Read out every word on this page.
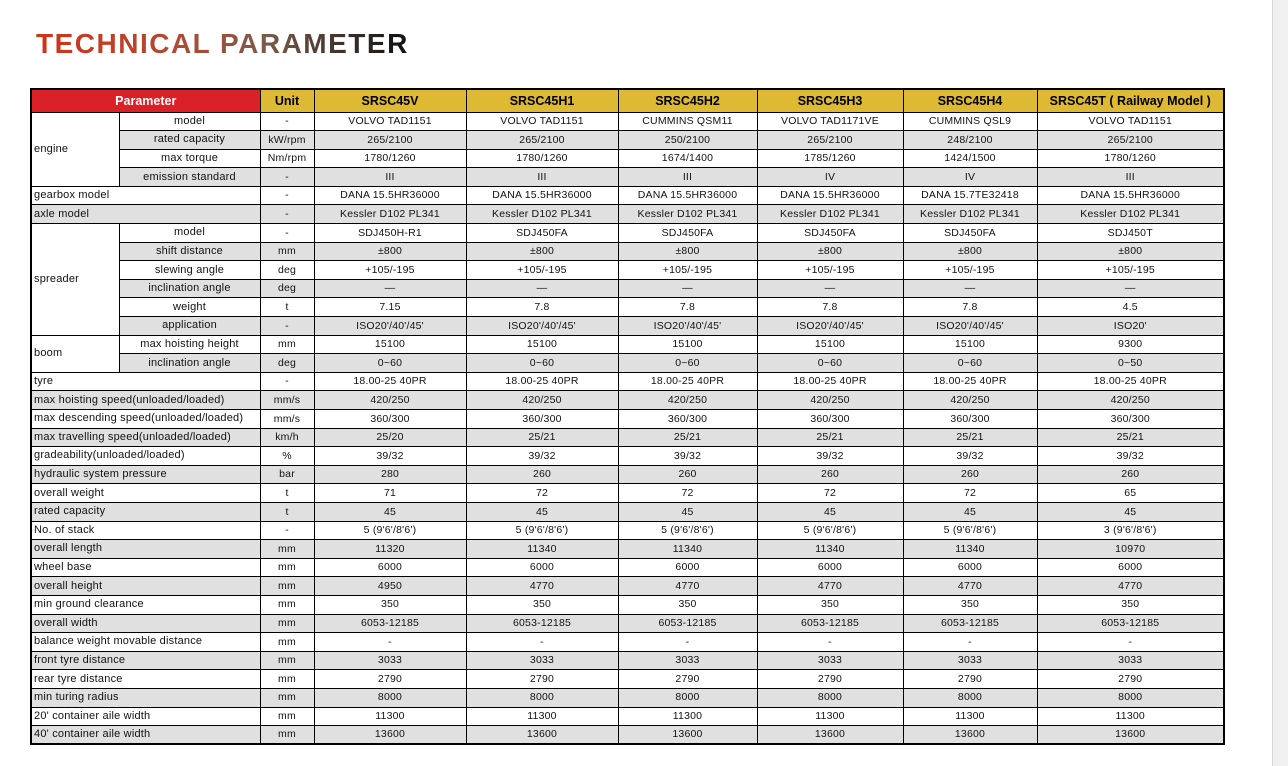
TECHNICAL PARAMETER
Parameter		Unit	SRSC45V	SRSC45H1	SRSC45H2	SRSC45H3	SRSC45H4	SRSC45T ( Railway Model )
engine	model	-	VOLVO TAD1151	VOLVO TAD1151	CUMMINS QSM11	VOLVO TAD1171VE	CUMMINS QSL9	VOLVO TAD1151
	rated capacity	kW/rpm	265/2100	265/2100	250/2100	265/2100	248/2100	265/2100
	max torque	Nm/rpm	1780/1260	1780/1260	1674/1400	1785/1260	1424/1500	1780/1260
	emission standard	-	III	III	III	IV	IV	III
gearbox model		-	DANA 15.5HR36000	DANA 15.5HR36000	DANA 15.5HR36000	DANA 15.5HR36000	DANA 15.7TE32418	DANA 15.5HR36000
axle model		-	Kessler D102 PL341	Kessler D102 PL341	Kessler D102 PL341	Kessler D102 PL341	Kessler D102 PL341	Kessler D102 PL341
spreader	model	-	SDJ450H-R1	SDJ450FA	SDJ450FA	SDJ450FA	SDJ450FA	SDJ450T
	shift distance	mm	±800	±800	±800	±800	±800	±800
	slewing angle	deg	+105/-195	+105/-195	+105/-195	+105/-195	+105/-195	+105/-195
	inclination angle	deg	—	—	—	—	—	—
	weight	t	7.15	7.8	7.8	7.8	7.8	4.5
	application	-	ISO20'/40'/45'	ISO20'/40'/45'	ISO20'/40'/45'	ISO20'/40'/45'	ISO20'/40'/45'	ISO20'
boom	max hoisting height	mm	15100	15100	15100	15100	15100	9300
	inclination angle	deg	0~60	0~60	0~60	0~60	0~60	0~50
tyre		-	18.00-25 40PR	18.00-25 40PR	18.00-25 40PR	18.00-25 40PR	18.00-25 40PR	18.00-25 40PR
max hoisting speed(unloaded/loaded)		mm/s	420/250	420/250	420/250	420/250	420/250	420/250
max descending speed(unloaded/loaded)		mm/s	360/300	360/300	360/300	360/300	360/300	360/300
max travelling speed(unloaded/loaded)		km/h	25/20	25/21	25/21	25/21	25/21	25/21
gradeability(unloaded/loaded)		%	39/32	39/32	39/32	39/32	39/32	39/32
hydraulic system pressure		bar	280	260	260	260	260	260
overall weight		t	71	72	72	72	72	65
rated capacity		t	45	45	45	45	45	45
No. of stack		-	5 (9'6'/8'6')	5 (9'6'/8'6')	5 (9'6'/8'6')	5 (9'6'/8'6')	5 (9'6'/8'6')	3 (9'6'/8'6')
overall length		mm	11320	11340	11340	11340	11340	10970
wheel base		mm	6000	6000	6000	6000	6000	6000
overall height		mm	4950	4770	4770	4770	4770	4770
min ground clearance		mm	350	350	350	350	350	350
overall width		mm	6053-12185	6053-12185	6053-12185	6053-12185	6053-12185	6053-12185
balance weight movable distance		mm	-	-	-	-	-	-
front tyre distance		mm	3033	3033	3033	3033	3033	3033
rear tyre distance		mm	2790	2790	2790	2790	2790	2790
min turing radius		mm	8000	8000	8000	8000	8000	8000
20' container aile width		mm	11300	11300	11300	11300	11300	11300
40' container aile width		mm	13600	13600	13600	13600	13600	13600
